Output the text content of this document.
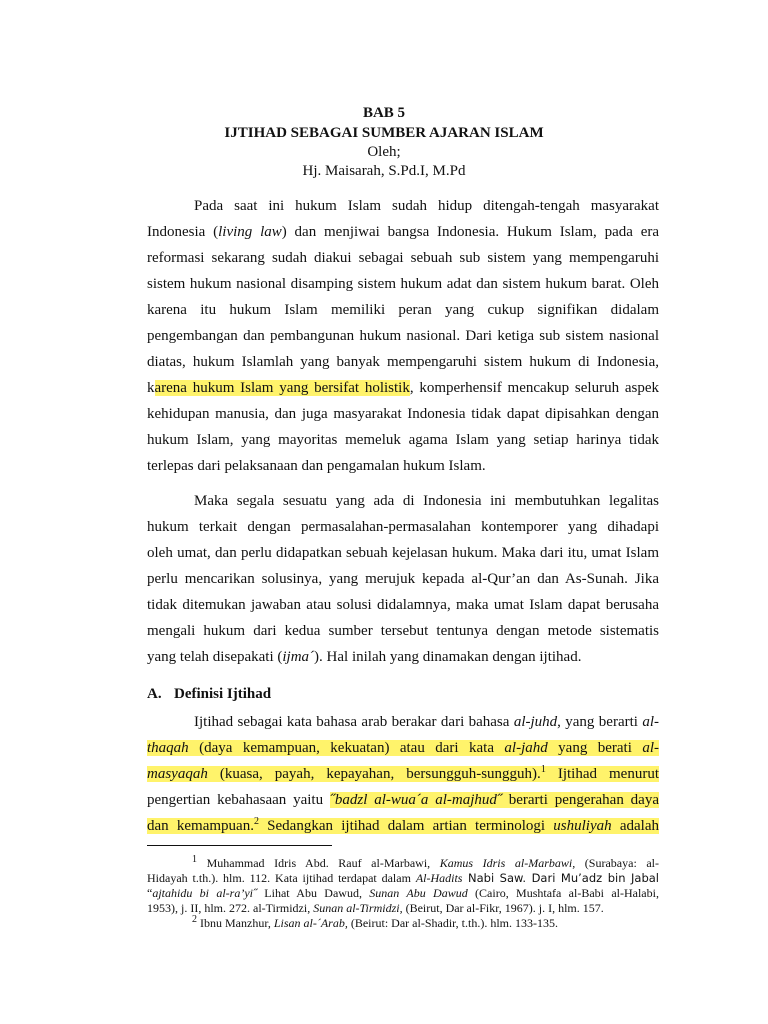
BAB 5
IJTIHAD SEBAGAI SUMBER AJARAN ISLAM
Oleh;
Hj. Maisarah, S.Pd.I, M.Pd
Pada saat ini hukum Islam sudah hidup ditengah-tengah masyarakat
Indonesia (living law) dan menjiwai bangsa Indonesia. Hukum Islam, pada era
reformasi sekarang sudah diakui sebagai sebuah sub sistem yang mempengaruhi
sistem hukum nasional disamping sistem hukum adat dan sistem hukum barat. Oleh
karena itu hukum Islam memiliki peran yang cukup signifikan didalam
pengembangan dan pembangunan hukum nasional. Dari ketiga sub sistem nasional
diatas, hukum Islamlah yang banyak mempengaruhi sistem hukum di Indonesia,
karena hukum Islam yang bersifat holistik, komperhensif mencakup seluruh aspek
kehidupan manusia, dan juga masyarakat Indonesia tidak dapat dipisahkan dengan
hukum Islam, yang mayoritas memeluk agama Islam yang setiap harinya tidak
terlepas dari pelaksanaan dan pengamalan hukum Islam.
Maka segala sesuatu yang ada di Indonesia ini membutuhkan legalitas
hukum terkait dengan permasalahan-permasalahan kontemporer yang dihadapi
oleh umat, dan perlu didapatkan sebuah kejelasan hukum. Maka dari itu, umat Islam
perlu mencarikan solusinya, yang merujuk kepada al-Qur’an dan As-Sunah. Jika
tidak ditemukan jawaban atau solusi didalamnya, maka umat Islam dapat berusaha
mengali hukum dari kedua sumber tersebut tentunya dengan metode sistematis
yang telah disepakati (ijma´). Hal inilah yang dinamakan dengan ijtihad.
A. Definisi Ijtihad
Ijtihad sebagai kata bahasa arab berakar dari bahasa al-juhd, yang berarti al-
thaqah (daya kemampuan, kekuatan) atau dari kata al-jahd yang berati al-
masyaqah (kuasa, payah, kepayahan, bersungguh-sungguh).$^1$ Ijtihad menurut
pengertian kebahasaan yaitu ˝badzl al-wua´a al-majhud˝ berarti pengerahan daya
dan kemampuan.$^2$ Sedangkan ijtihad dalam artian terminologi ushuliyah adalah
$^1$ Muhammad Idris Abd. Rauf al-Marbawi, Kamus Idris al-Marbawi, (Surabaya: al-
Hidayah t.th.). hlm. 112. Kata ijtihad terdapat dalam Al-Hadits Nabi Saw. Dari Mu’adz bin Jabal
“ajtahidu bi al-ra’yi˝ Lihat Abu Dawud, Sunan Abu Dawud (Cairo, Mushtafa al-Babi al-Halabi,
1953), j. II, hlm. 272. al-Tirmidzi, Sunan al-Tirmidzi, (Beirut, Dar al-Fikr, 1967). j. I, hlm. 157.
$^2$ Ibnu Manzhur, Lisan al-´Arab, (Beirut: Dar al-Shadir, t.th.). hlm. 133-135.
